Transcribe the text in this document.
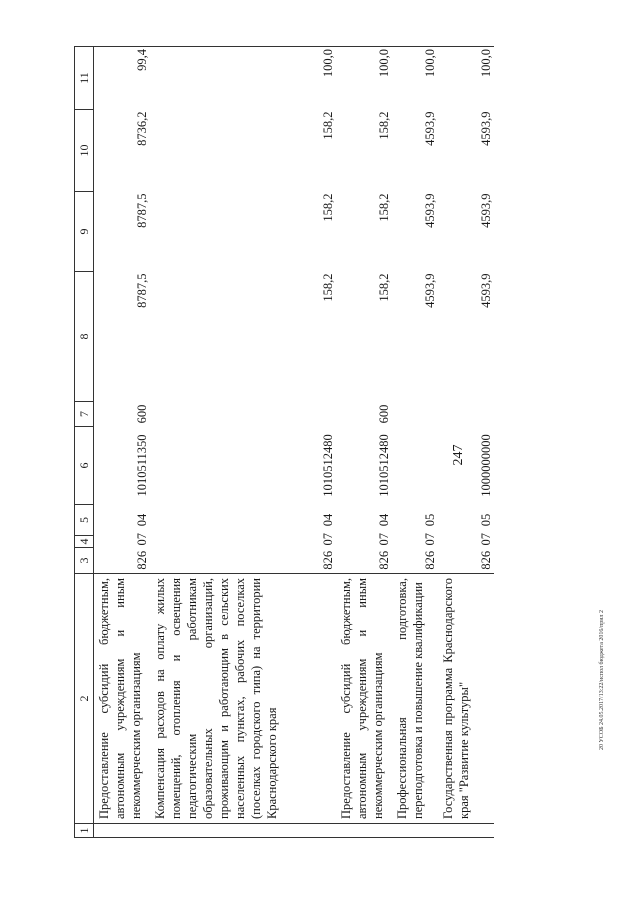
247
20 УСОБ 24.05.2017/13:22/испол бюджета 2016/прил 2
1	2	3	4	5	6	7	8	9	10	11
	Предоставление субсидий бюджетным, автономным учреждениям и иным некоммерческим организациям	826	07	04	1010511350	600	8787,5	8787,5	8736,2	99,4
	Компенсация расходов на оплату жилых помещений, отопления и освещения педагогическим работникам образовательных организаций, проживающим и работающим в сельских населенных пунктах, рабочих поселках (поселках городского типа) на территории Краснодарского края	826	07	04	1010512480		158,2	158,2	158,2	100,0
	Предоставление субсидий бюджетным, автономным учреждениям и иным некоммерческим организациям	826	07	04	1010512480	600	158,2	158,2	158,2	100,0
	Профессиональная подготовка, переподготовка и повышение квалификации	826	07	05			4593,9	4593,9	4593,9	100,0
	Государственная программа Краснодарского края "Развитие культуры"	826	07	05	1000000000		4593,9	4593,9	4593,9	100,0
